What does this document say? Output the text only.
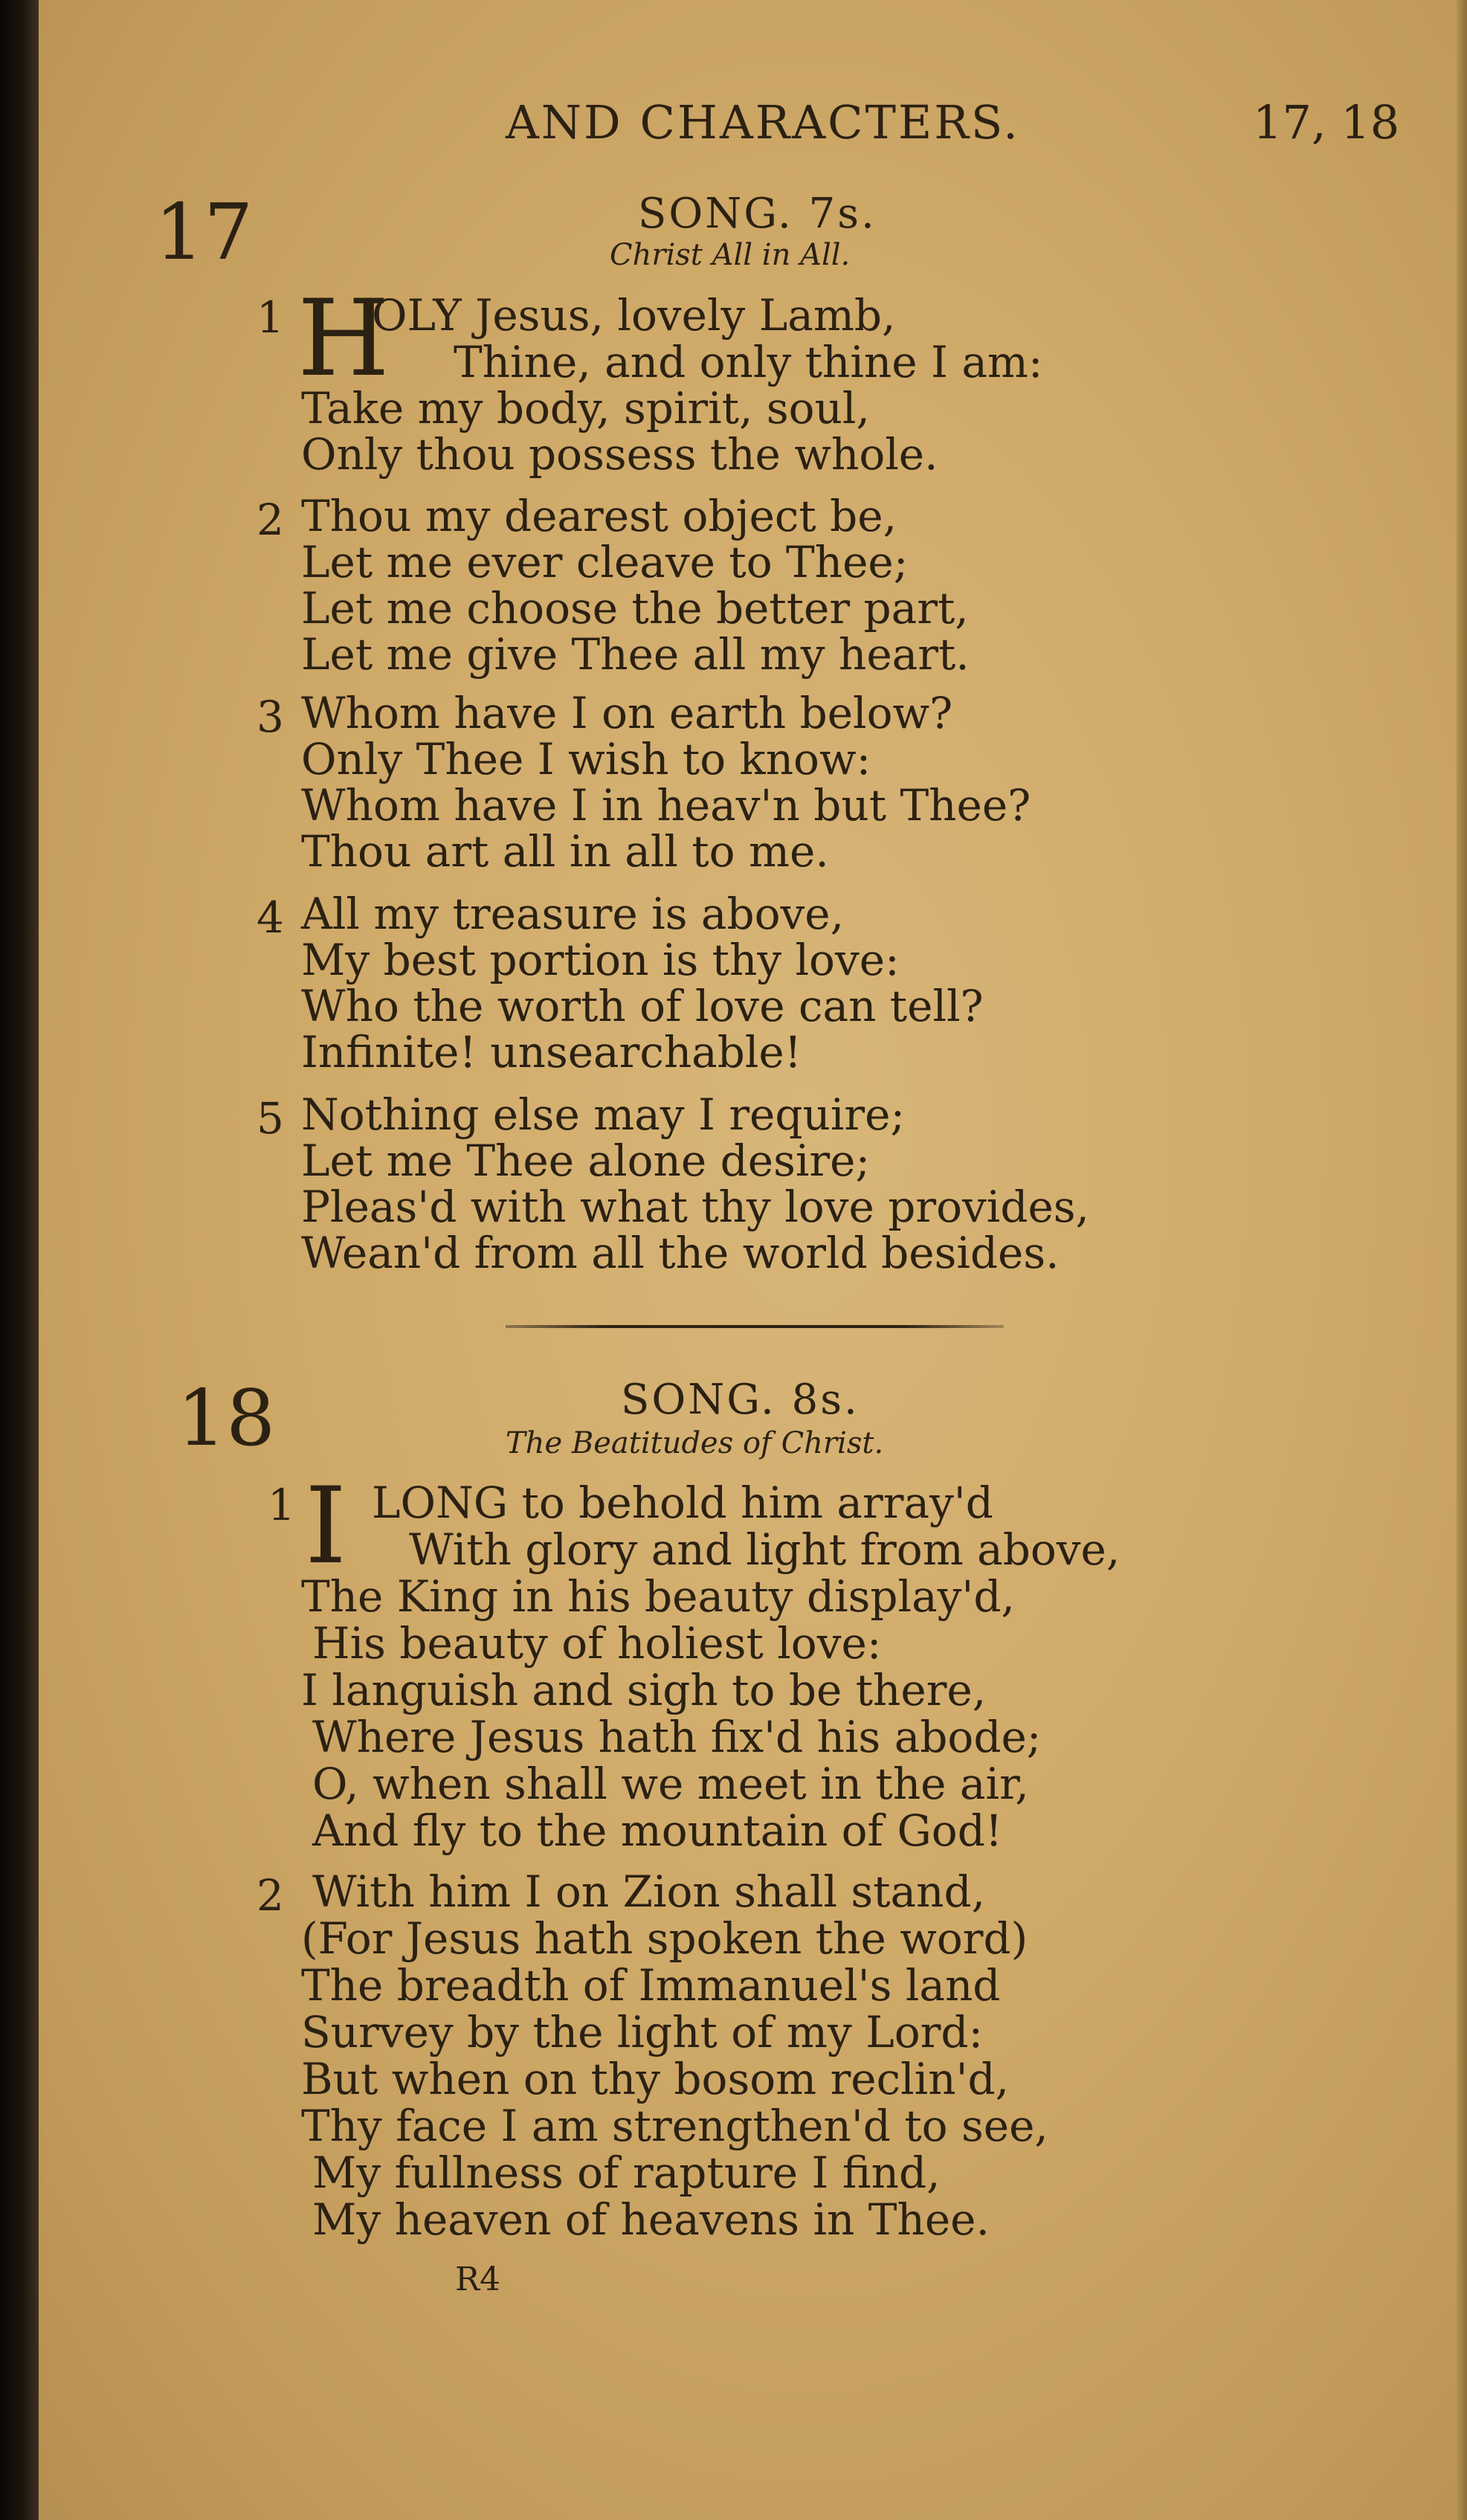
AND CHARACTERS.	17, 18
17	SONG. 7s.
Christ All in All.
1 H
OLY Jesus, lovely Lamb,
Thine, and only thine I am:
Take my body, spirit, soul,
Only thou possess the whole.
2 Thou my dearest object be,
Let me ever cleave to Thee;
Let me choose the better part,
Let me give Thee all my heart.
3 Whom have I on earth below?
Only Thee I wish to know:
Whom have I in heav'n but Thee?
Thou art all in all to me.
4 All my treasure is above,
My best portion is thy love:
Who the worth of love can tell?
Infinite! unsearchable!
5 Nothing else may I require;
Let me Thee alone desire;
Pleas'd with what thy love provides,
Wean'd from all the world besides.
18	SONG. 8s.
The Beatitudes of Christ.
1 I LONG to behold him array'd
With glory and light from above,
The King in his beauty display'd,
His beauty of holiest love:
I languish and sigh to be there,
Where Jesus hath fix'd his abode;
O, when shall we meet in the air,
And fly to the mountain of God!
2 With him I on Zion shall stand,
(For Jesus hath spoken the word)
The breadth of Immanuel's land
Survey by the light of my Lord:
But when on thy bosom reclin'd,
Thy face I am strengthen'd to see,
My fullness of rapture I find,
My heaven of heavens in Thee.
R4
